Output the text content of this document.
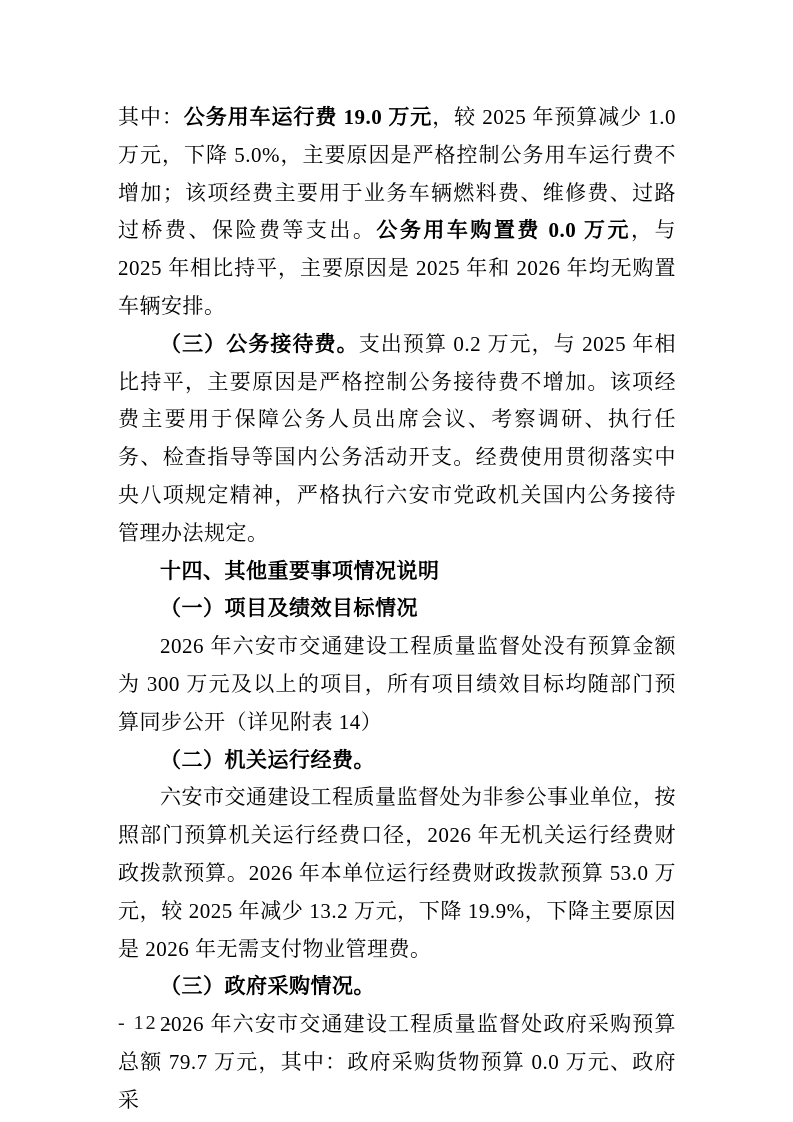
其中：公务用车运行费 19.0 万元，较 2025 年预算减少 1.0 万元，下降 5.0%，主要原因是严格控制公务用车运行费不增加；该项经费主要用于业务车辆燃料费、维修费、过路过桥费、保险费等支出。公务用车购置费 0.0 万元，与 2025 年相比持平，主要原因是 2025 年和 2026 年均无购置车辆安排。

（三）公务接待费。支出预算 0.2 万元，与 2025 年相比持平，主要原因是严格控制公务接待费不增加。该项经费主要用于保障公务人员出席会议、考察调研、执行任务、检查指导等国内公务活动开支。经费使用贯彻落实中央八项规定精神，严格执行六安市党政机关国内公务接待管理办法规定。

十四、其他重要事项情况说明

（一）项目及绩效目标情况

2026 年六安市交通建设工程质量监督处没有预算金额为 300 万元及以上的项目，所有项目绩效目标均随部门预算同步公开（详见附表 14）

（二）机关运行经费。

六安市交通建设工程质量监督处为非参公事业单位，按照部门预算机关运行经费口径，2026 年无机关运行经费财政拨款预算。2026 年本单位运行经费财政拨款预算 53.0 万元，较 2025 年减少 13.2 万元，下降 19.9%，下降主要原因是 2026 年无需支付物业管理费。

（三）政府采购情况。

2026 年六安市交通建设工程质量监督处政府采购预算总额 79.7 万元，其中：政府采购货物预算 0.0 万元、政府采

- 12 -
